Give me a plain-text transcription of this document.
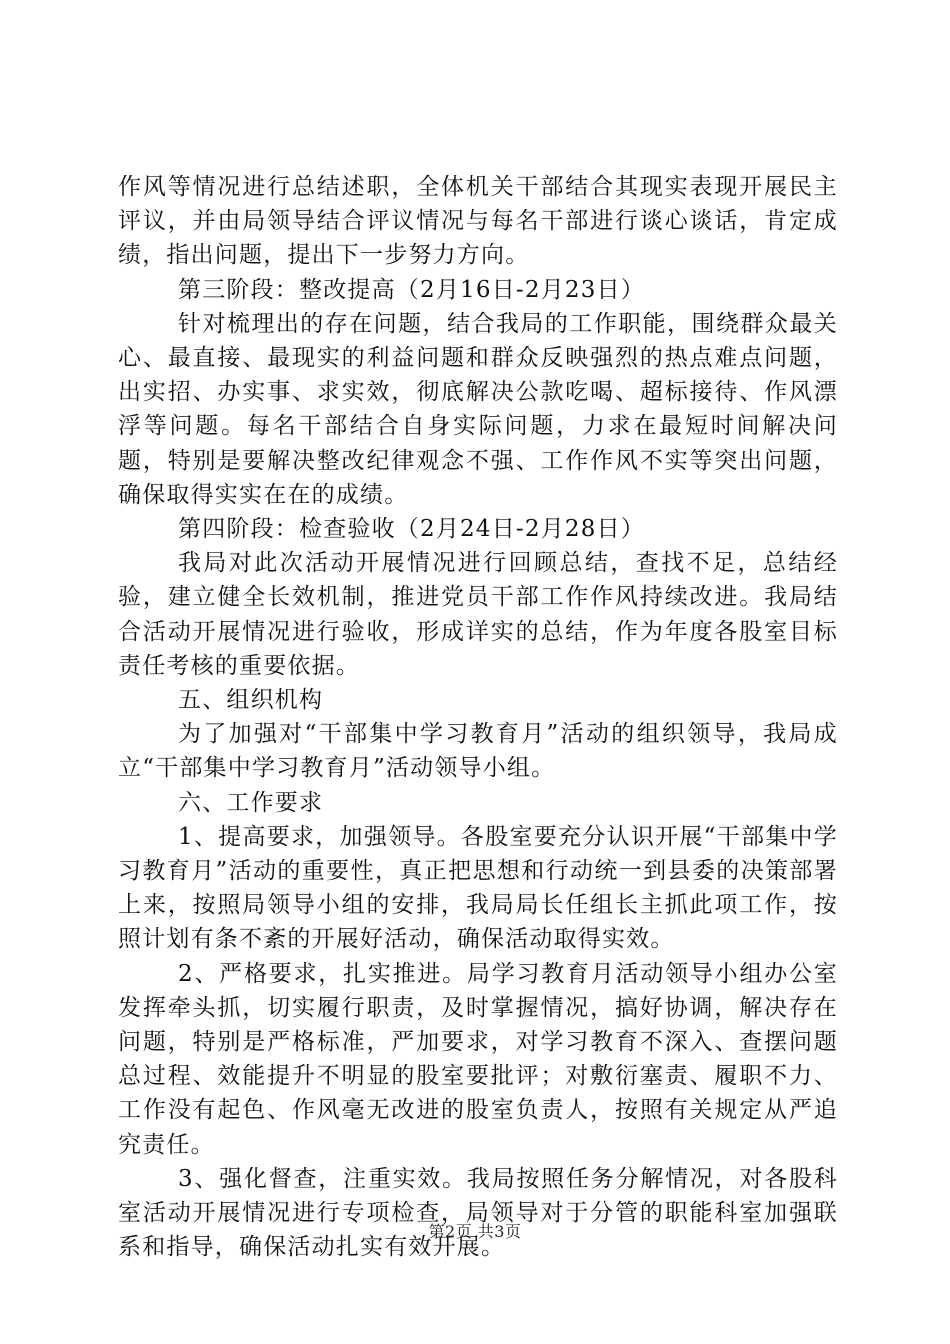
作风等情况进行总结述职，全体机关干部结合其现实表现开展民主评议，并由局领导结合评议情况与每名干部进行谈心谈话，肯定成绩，指出问题，提出下一步努力方向。

第三阶段：整改提高（2月16日-2月23日）

针对梳理出的存在问题，结合我局的工作职能，围绕群众最关心、最直接、最现实的利益问题和群众反映强烈的热点难点问题，出实招、办实事、求实效，彻底解决公款吃喝、超标接待、作风漂浮等问题。每名干部结合自身实际问题，力求在最短时间解决问题，特别是要解决整改纪律观念不强、工作作风不实等突出问题，确保取得实实在在的成绩。

第四阶段：检查验收（2月24日-2月28日）

我局对此次活动开展情况进行回顾总结，查找不足，总结经验，建立健全长效机制，推进党员干部工作作风持续改进。我局结合活动开展情况进行验收，形成详实的总结，作为年度各股室目标责任考核的重要依据。

五、组织机构

为了加强对“干部集中学习教育月”活动的组织领导，我局成立“干部集中学习教育月”活动领导小组。

六、工作要求

1、提高要求，加强领导。各股室要充分认识开展“干部集中学习教育月”活动的重要性，真正把思想和行动统一到县委的决策部署上来，按照局领导小组的安排，我局局长任组长主抓此项工作，按照计划有条不紊的开展好活动，确保活动取得实效。

2、严格要求，扎实推进。局学习教育月活动领导小组办公室发挥牵头抓，切实履行职责，及时掌握情况，搞好协调，解决存在问题，特别是严格标准，严加要求，对学习教育不深入、查摆问题总过程、效能提升不明显的股室要批评；对敷衍塞责、履职不力、工作没有起色、作风毫无改进的股室负责人，按照有关规定从严追究责任。

3、强化督查，注重实效。我局按照任务分解情况，对各股科室活动开展情况进行专项检查，局领导对于分管的职能科室加强联系和指导，确保活动扎实有效开展。

第2页 共3页
